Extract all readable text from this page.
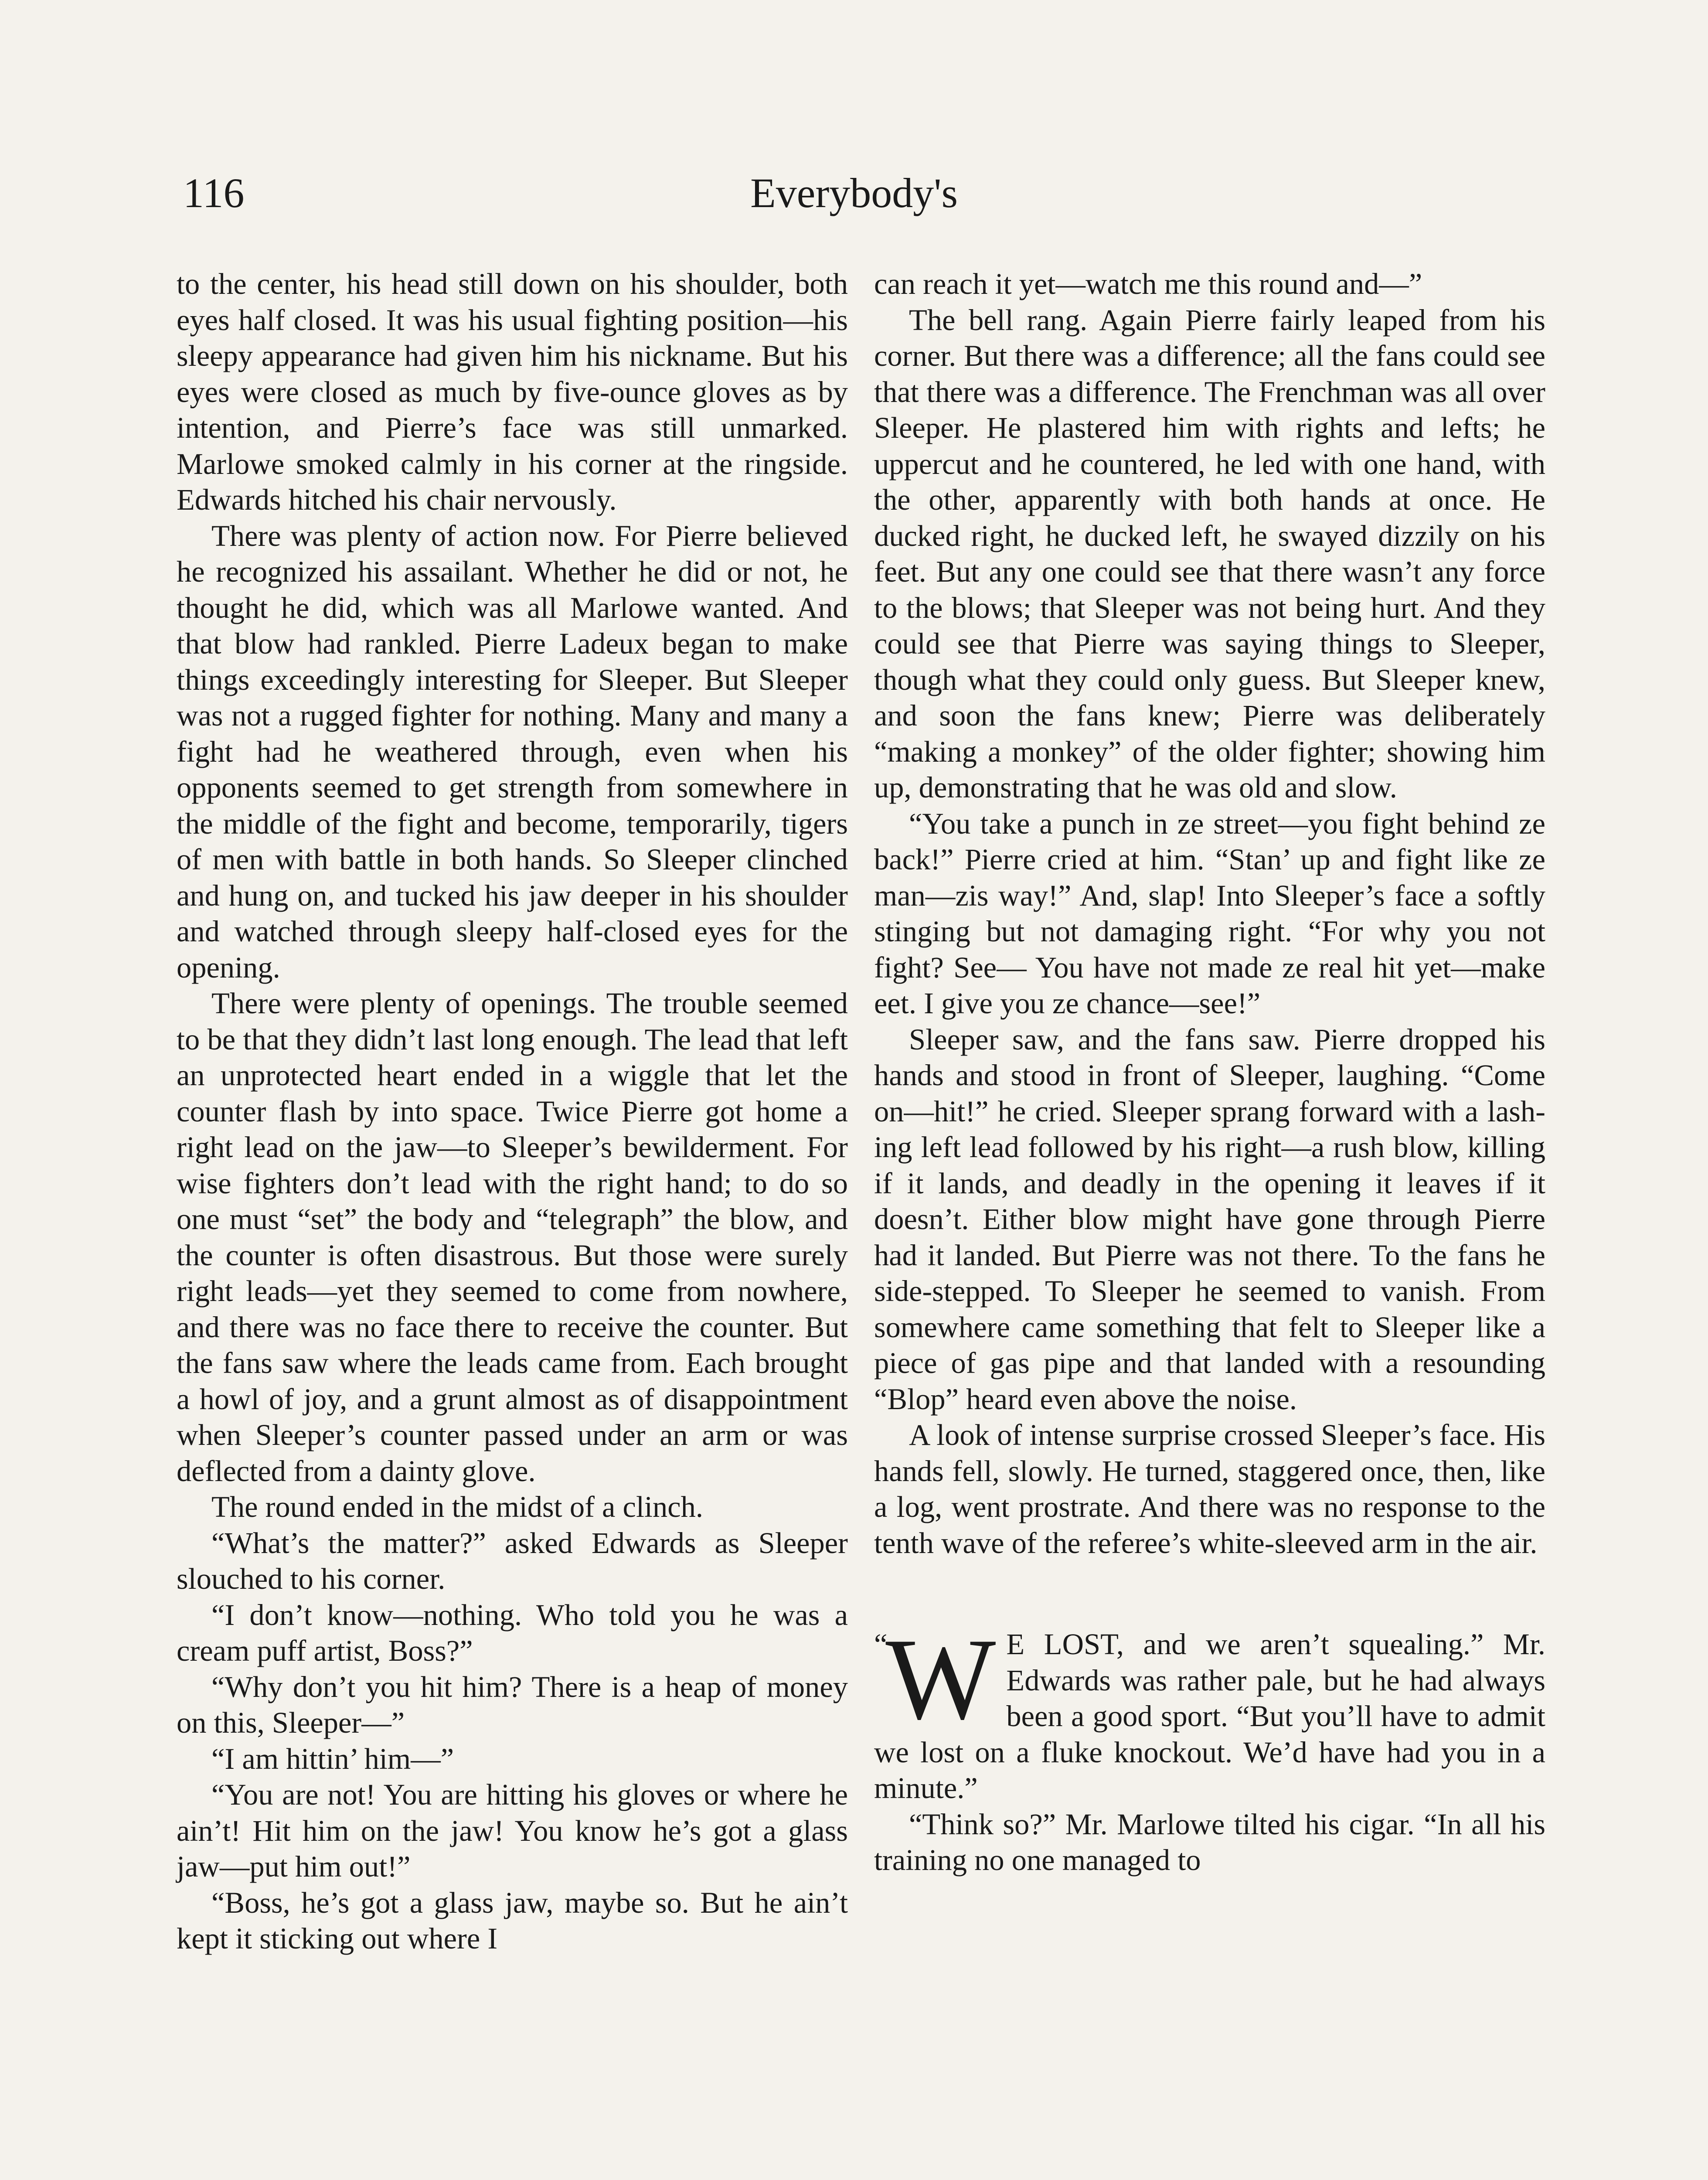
116	Everybody's

to the center, his head still down on his shoulder, both eyes half closed. It was his usual fighting position—his sleepy appearance had given him his nickname. But his eyes were closed as much by five-ounce gloves as by intention, and Pierre’s face was still unmarked. Marlowe smoked calmly in his corner at the ringside. Edwards hitched his chair nervously.

There was plenty of action now. For Pierre believed he recognized his assailant. Whether he did or not, he thought he did, which was all Marlowe wanted. And that blow had rankled. Pierre Ladeux began to make things exceedingly interesting for Sleeper. But Sleeper was not a rugged fighter for nothing. Many and many a fight had he weathered through, even when his opponents seemed to get strength from somewhere in the middle of the fight and become, temporarily, tigers of men with battle in both hands. So Sleeper clinched and hung on, and tucked his jaw deeper in his shoulder and watched through sleepy half-closed eyes for the opening.

There were plenty of openings. The trouble seemed to be that they didn’t last long enough. The lead that left an unprotected heart ended in a wiggle that let the counter flash by into space. Twice Pierre got home a right lead on the jaw—to Sleeper’s bewilderment. For wise fighters don’t lead with the right hand; to do so one must “set” the body and “telegraph” the blow, and the counter is often disastrous. But those were surely right leads—yet they seemed to come from nowhere, and there was no face there to receive the counter. But the fans saw where the leads came from. Each brought a howl of joy, and a grunt almost as of disappointment when Sleeper’s counter passed under an arm or was deflected from a dainty glove.

The round ended in the midst of a clinch.

“What’s the matter?” asked Edwards as Sleeper slouched to his corner.

“I don’t know—nothing. Who told you he was a cream puff artist, Boss?”

“Why don’t you hit him? There is a heap of money on this, Sleeper—”

“I am hittin’ him—”

“You are not! You are hitting his gloves or where he ain’t! Hit him on the jaw! You know he’s got a glass jaw—put him out!”

“Boss, he’s got a glass jaw, maybe so. But he ain’t kept it sticking out where I

can reach it yet—watch me this round and—”

The bell rang. Again Pierre fairly leaped from his corner. But there was a difference; all the fans could see that there was a difference. The Frenchman was all over Sleeper. He plastered him with rights and lefts; he uppercut and he countered, he led with one hand, with the other, apparently with both hands at once. He ducked right, he ducked left, he swayed dizzily on his feet. But any one could see that there wasn’t any force to the blows; that Sleeper was not being hurt. And they could see that Pierre was saying things to Sleeper, though what they could only guess. But Sleeper knew, and soon the fans knew; Pierre was deliberately “making a monkey” of the older fighter; showing him up, demonstrating that he was old and slow.

“You take a punch in ze street—you fight behind ze back!” Pierre cried at him. “Stan’ up and fight like ze man—zis way!” And, slap! Into Sleeper’s face a softly stinging but not damaging right. “For why you not fight? See— You have not made ze real hit yet—make eet. I give you ze chance—see!”

Sleeper saw, and the fans saw. Pierre dropped his hands and stood in front of Sleeper, laughing. “Come on—hit!” he cried. Sleeper sprang forward with a lashing left lead followed by his right—a rush blow, killing if it lands, and deadly in the opening it leaves if it doesn’t. Either blow might have gone through Pierre had it landed. But Pierre was not there. To the fans he side-stepped. To Sleeper he seemed to vanish. From somewhere came something that felt to Sleeper like a piece of gas pipe and that landed with a resounding “Blop” heard even above the noise.

A look of intense surprise crossed Sleeper’s face. His hands fell, slowly. He turned, staggered once, then, like a log, went prostrate. And there was no response to the tenth wave of the referee’s white-sleeved arm in the air.

“
W E LOST, and we aren’t squealing.” Mr. Edwards was rather pale, but he had always been a good sport. “But you’ll have to admit we lost on a fluke knockout. We’d have had you in a minute.”

“Think so?” Mr. Marlowe tilted his cigar. “In all his training no one managed to
